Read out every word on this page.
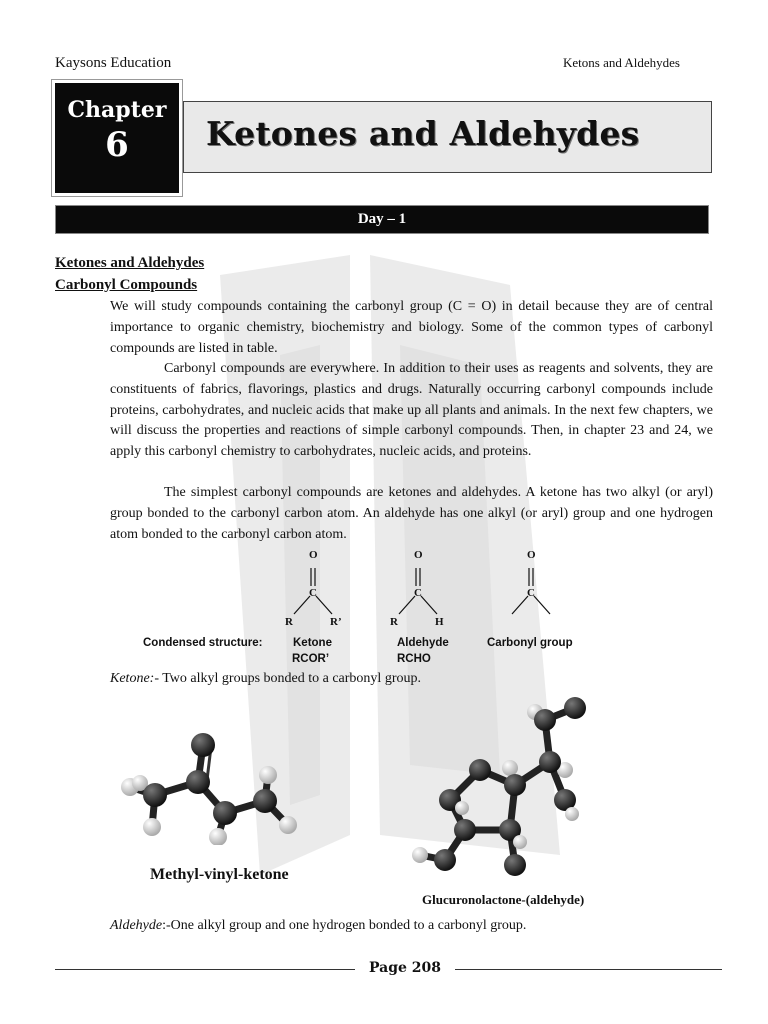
Kaysons Education	Ketons and Aldehydes
Chapter
6	Ketones and Aldehydes
Day – 1
Ketones and Aldehydes
Carbonyl Compounds
We will study compounds containing the carbonyl group (C = O) in detail because they are of central importance to organic chemistry, biochemistry and biology. Some of the common types of carbonyl compounds are listed in table.
Carbonyl compounds are everywhere. In addition to their uses as reagents and solvents, they are constituents of fabrics, flavorings, plastics and drugs. Naturally occurring carbonyl compounds include proteins, carbohydrates, and nucleic acids that make up all plants and animals. In the next few chapters, we will discuss the properties and reactions of simple carbonyl compounds. Then, in chapter 23 and 24, we apply this carbonyl chemistry to carbohydrates, nucleic acids, and proteins.
The simplest carbonyl compounds are ketones and aldehydes. A ketone has two alkyl (or aryl) group bonded to the carbonyl carbon atom. An aldehyde has one alkyl (or aryl) group and one hydrogen atom bonded to the carbonyl carbon atom.
O
C
R	R’
O
C
R	H
O
C
Condensed structure:	Ketone
RCOR’
Aldehyde
RCHO
Carbonyl group
Ketone:- Two alkyl groups bonded to a carbonyl group.
Methyl-vinyl-ketone
Glucuronolactone-(aldehyde)
Aldehyde:-One alkyl group and one hydrogen bonded to a carbonyl group.
Page 208
